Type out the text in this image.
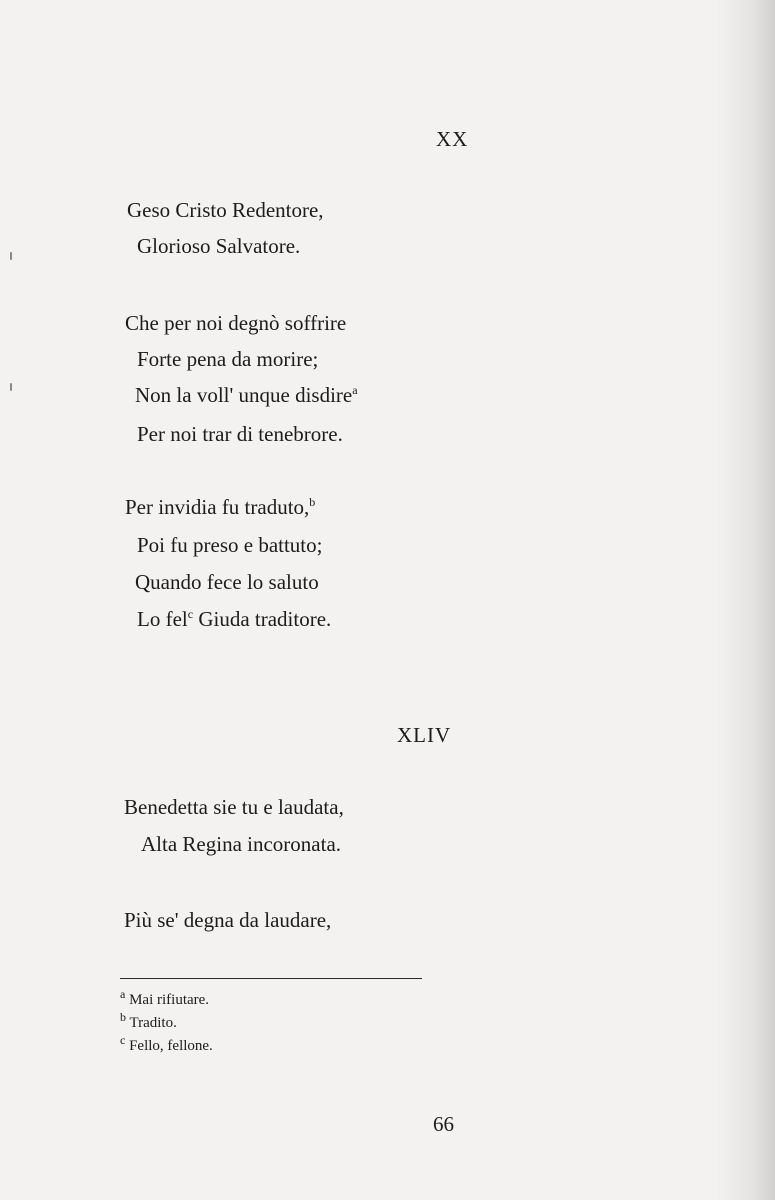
XX
Geso Cristo Redentore,
Glorioso Salvatore.
Che per noi degnò soffrire
Forte pena da morire;
Non la voll' unque disdire$^a$
Per noi trar di tenebrore.
Per invidia fu traduto,$^b$
Poi fu preso e battuto;
Quando fece lo saluto
Lo fel$^c$ Giuda traditore.
XLIV
Benedetta sie tu e laudata,
Alta Regina incoronata.
Più se' degna da laudare,
$^a$ Mai rifiutare.
$^b$ Tradito.
$^c$ Fello, fellone.
66
